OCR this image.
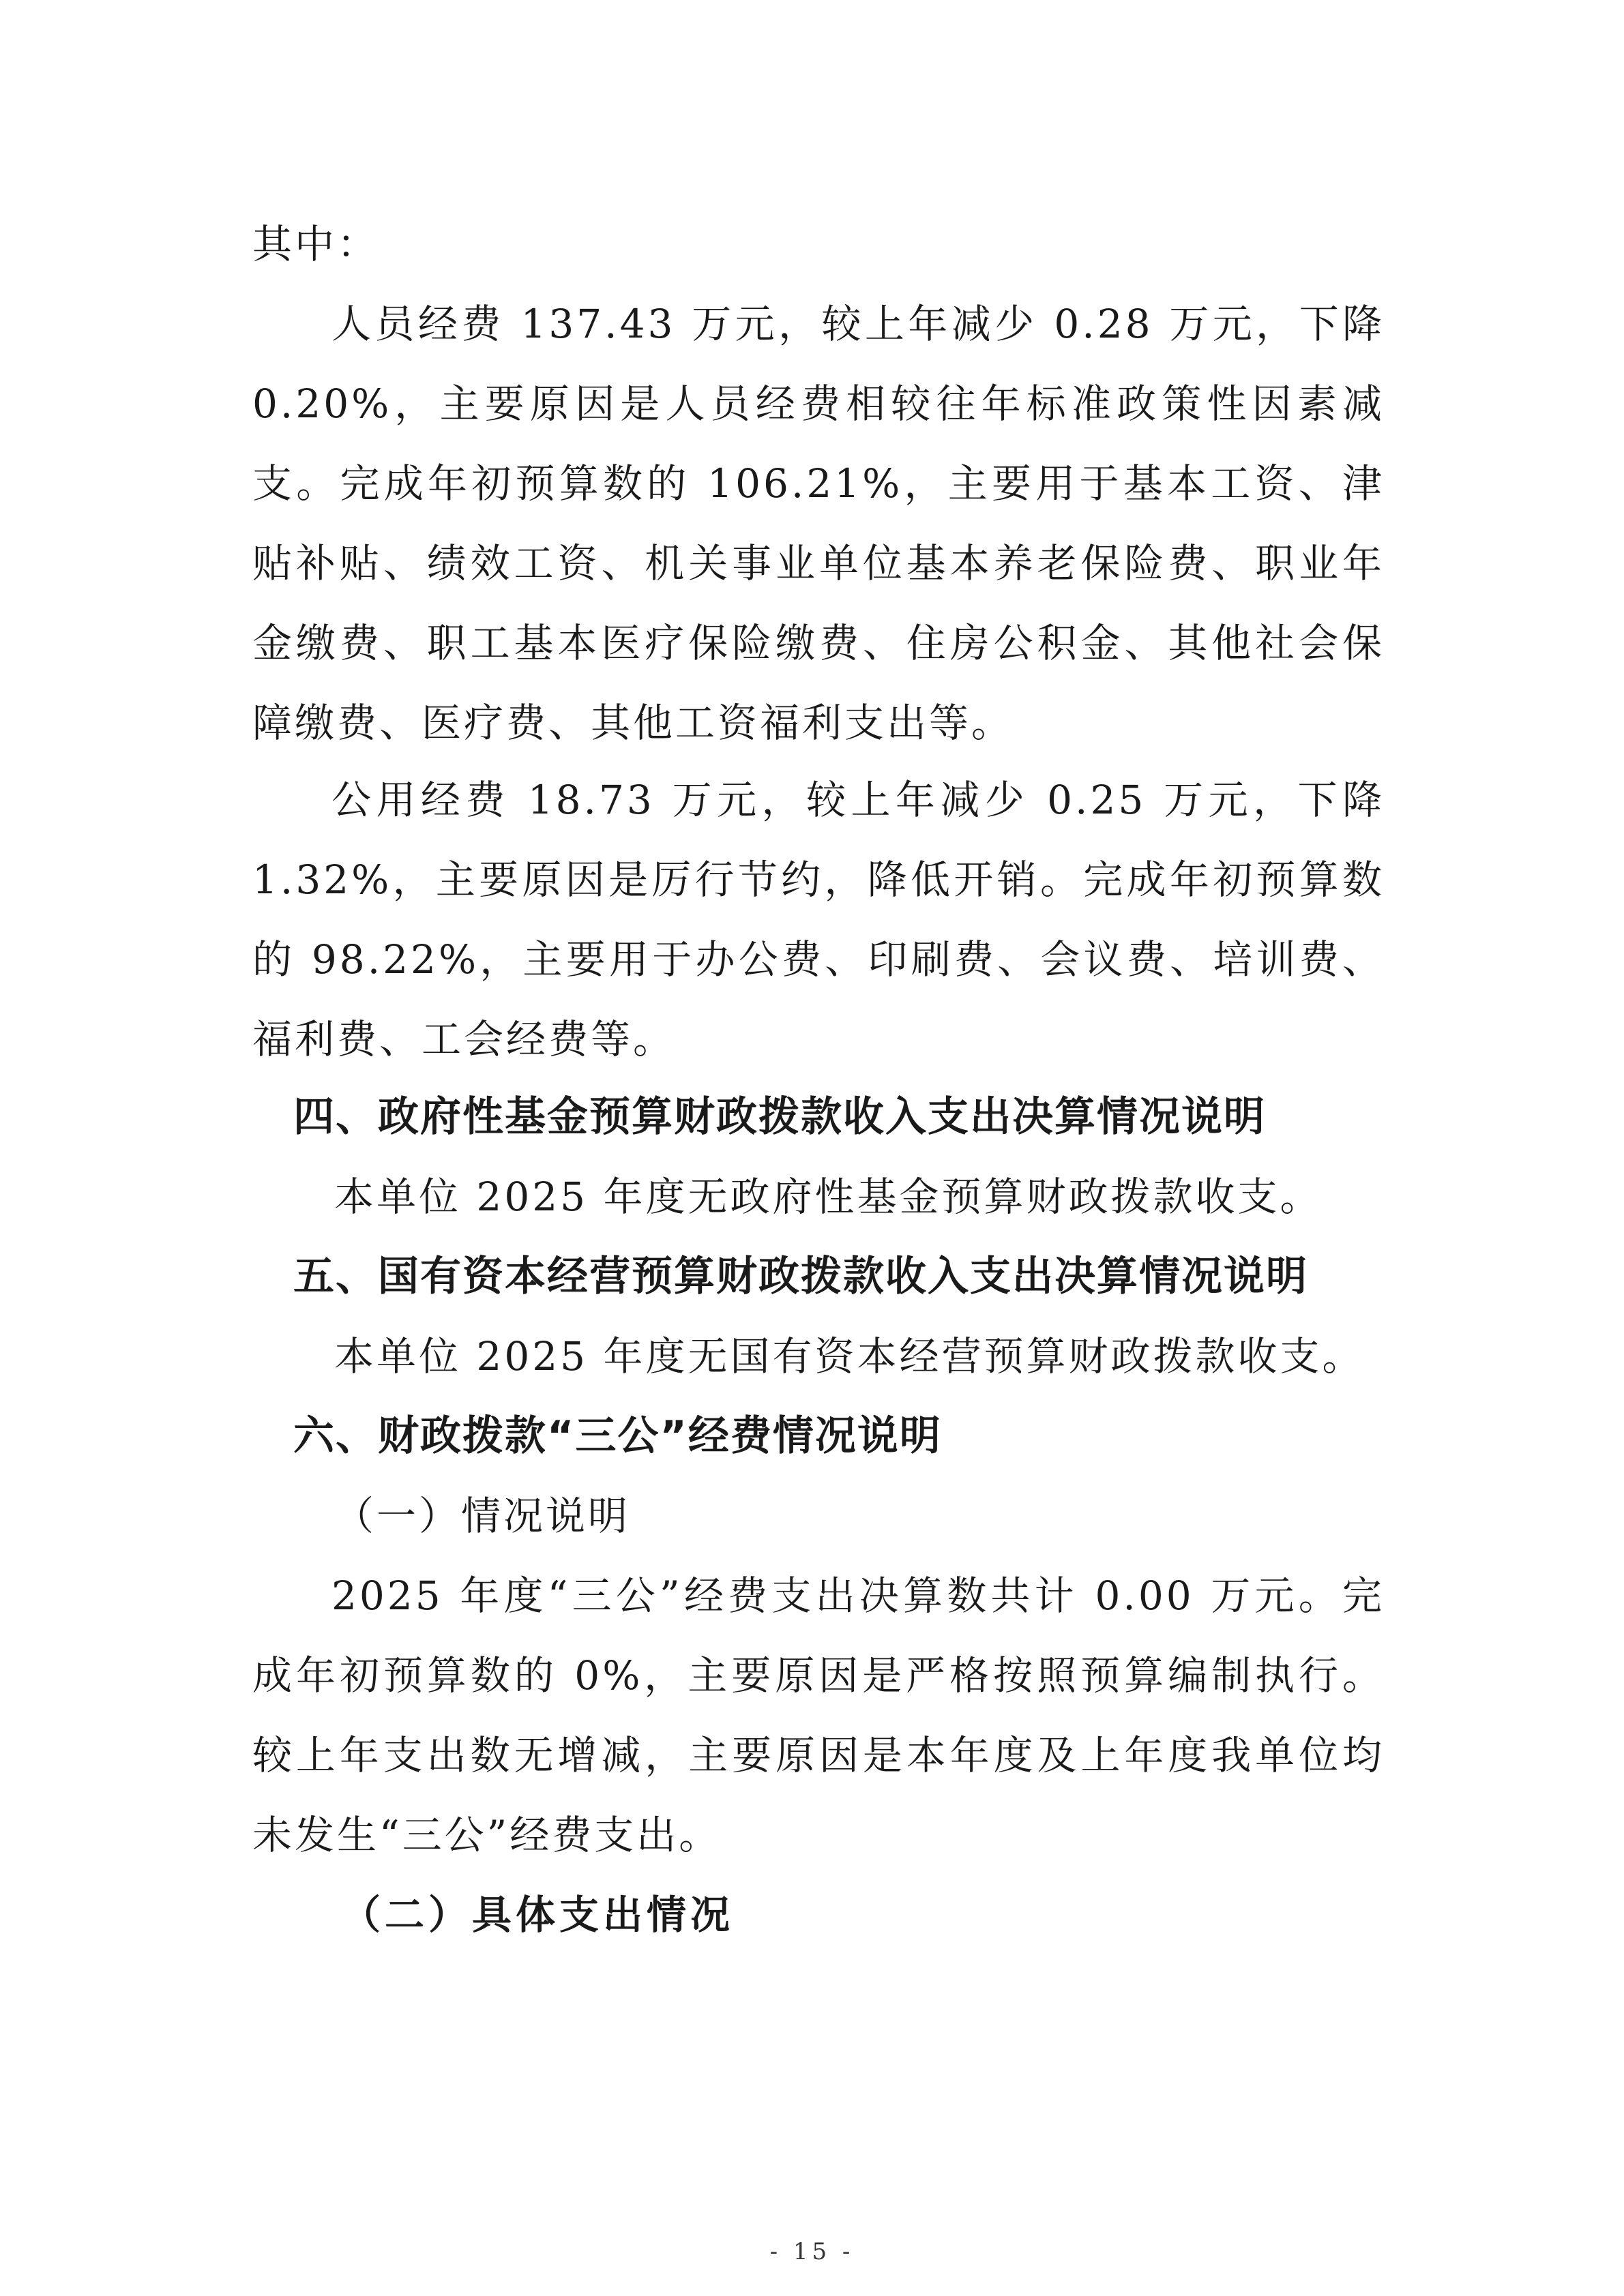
其中：
人员经费 137.43 万元，较上年减少 0.28 万元，下降 0.20%，主要原因是人员经费相较往年标准政策性因素减支。完成年初预算数的 106.21%，主要用于基本工资、津贴补贴、绩效工资、机关事业单位基本养老保险费、职业年金缴费、职工基本医疗保险缴费、住房公积金、其他社会保障缴费、医疗费、其他工资福利支出等。
公用经费 18.73 万元，较上年减少 0.25 万元，下降 1.32%，主要原因是厉行节约，降低开销。完成年初预算数的 98.22%，主要用于办公费、印刷费、会议费、培训费、福利费、工会经费等。
四、政府性基金预算财政拨款收入支出决算情况说明
本单位 2025 年度无政府性基金预算财政拨款收支。
五、国有资本经营预算财政拨款收入支出决算情况说明
本单位 2025 年度无国有资本经营预算财政拨款收支。
六、财政拨款“三公”经费情况说明
（一）情况说明
2025 年度“三公”经费支出决算数共计 0.00 万元。完成年初预算数的 0%，主要原因是严格按照预算编制执行。较上年支出数无增减，主要原因是本年度及上年度我单位均未发生“三公”经费支出。
（二）具体支出情况
- 15 -
